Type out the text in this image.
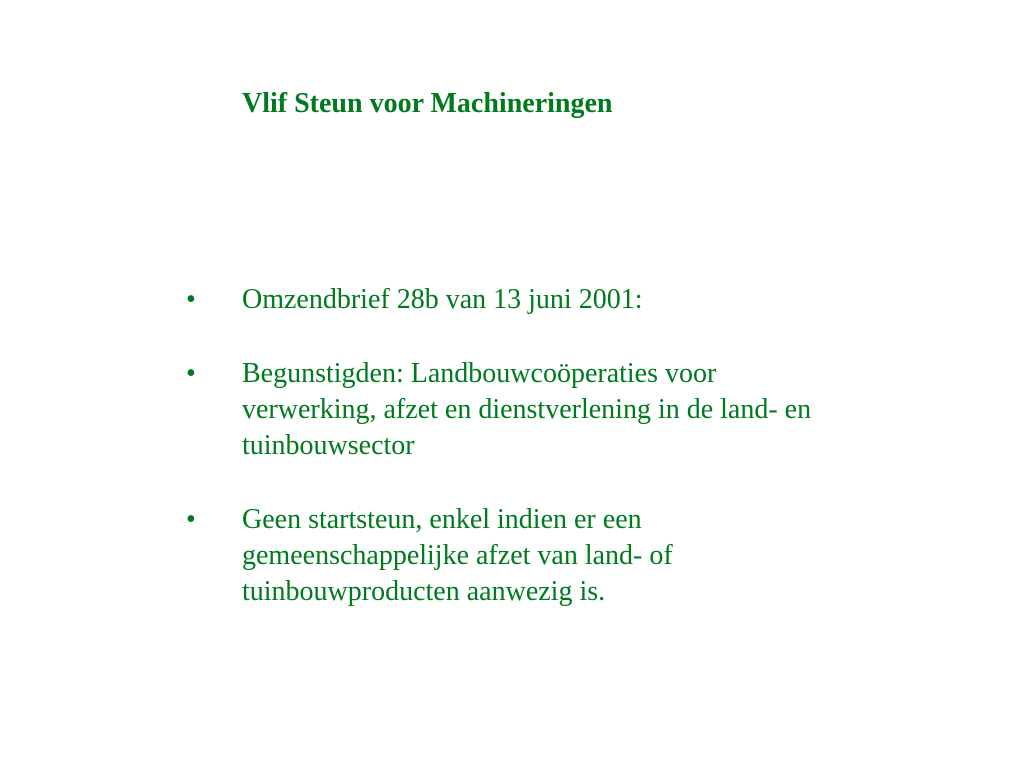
Vlif Steun voor Machineringen
•	Omzendbrief 28b van 13 juni 2001:
•	Begunstigden: Landbouwcoöperaties voor verwerking, afzet en dienstverlening in de land- en tuinbouwsector
•	Geen startsteun, enkel indien er een gemeenschappelijke afzet van land- of tuinbouwproducten aanwezig is.
